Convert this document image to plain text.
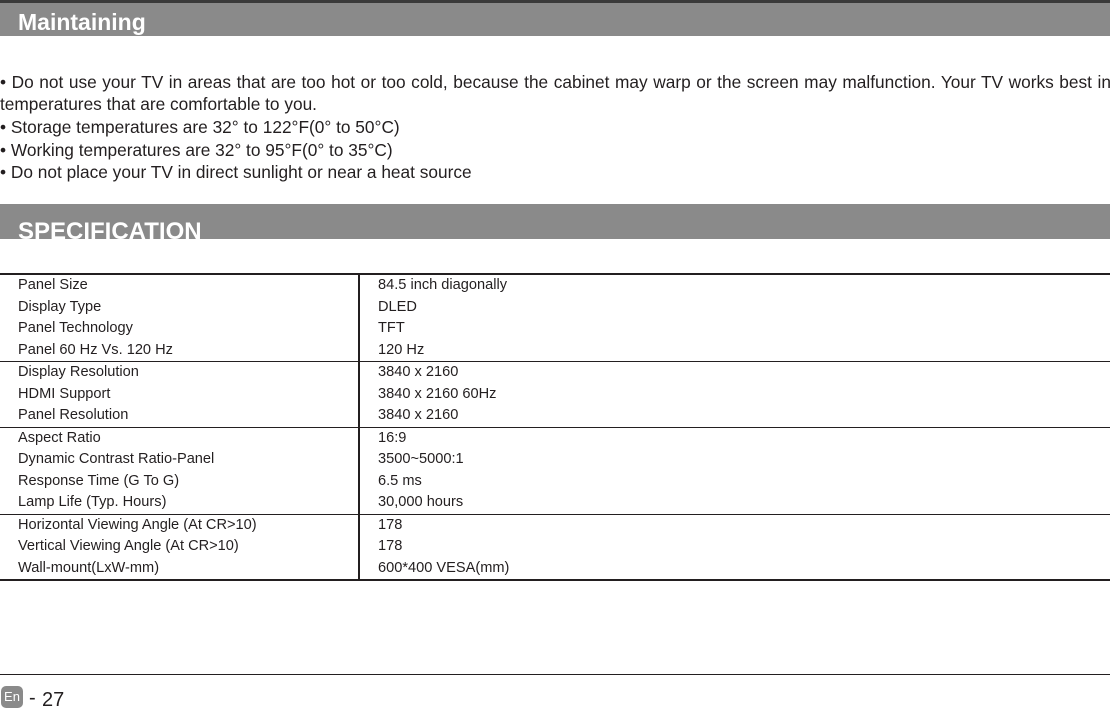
Maintaining

• Do not use your TV in areas that are too hot or too cold, because the cabinet may warp or the screen may malfunction. Your TV works best in temperatures that are comfortable to you.

• Storage temperatures are 32° to 122°F(0° to 50°C)
• Working temperatures are 32° to 95°F(0° to 35°C)
• Do not place your TV in direct sunlight or near a heat source
SPECIFICATION
Panel Size	84.5 inch diagonally
Display Type	DLED
Panel Technology	TFT
Panel 60 Hz Vs. 120 Hz	120 Hz
Display Resolution	3840 x 2160
HDMI Support	3840 x 2160 60Hz
Panel Resolution	3840 x 2160
Aspect Ratio	16:9
Dynamic Contrast Ratio-Panel	3500~5000:1
Response Time (G To G)	6.5 ms
Lamp Life (Typ. Hours)	30,000 hours
Horizontal Viewing Angle (At CR>10)	178
Vertical Viewing Angle (At CR>10)	178
Wall-mount(LxW-mm)	600*400 VESA(mm)
En - 27
